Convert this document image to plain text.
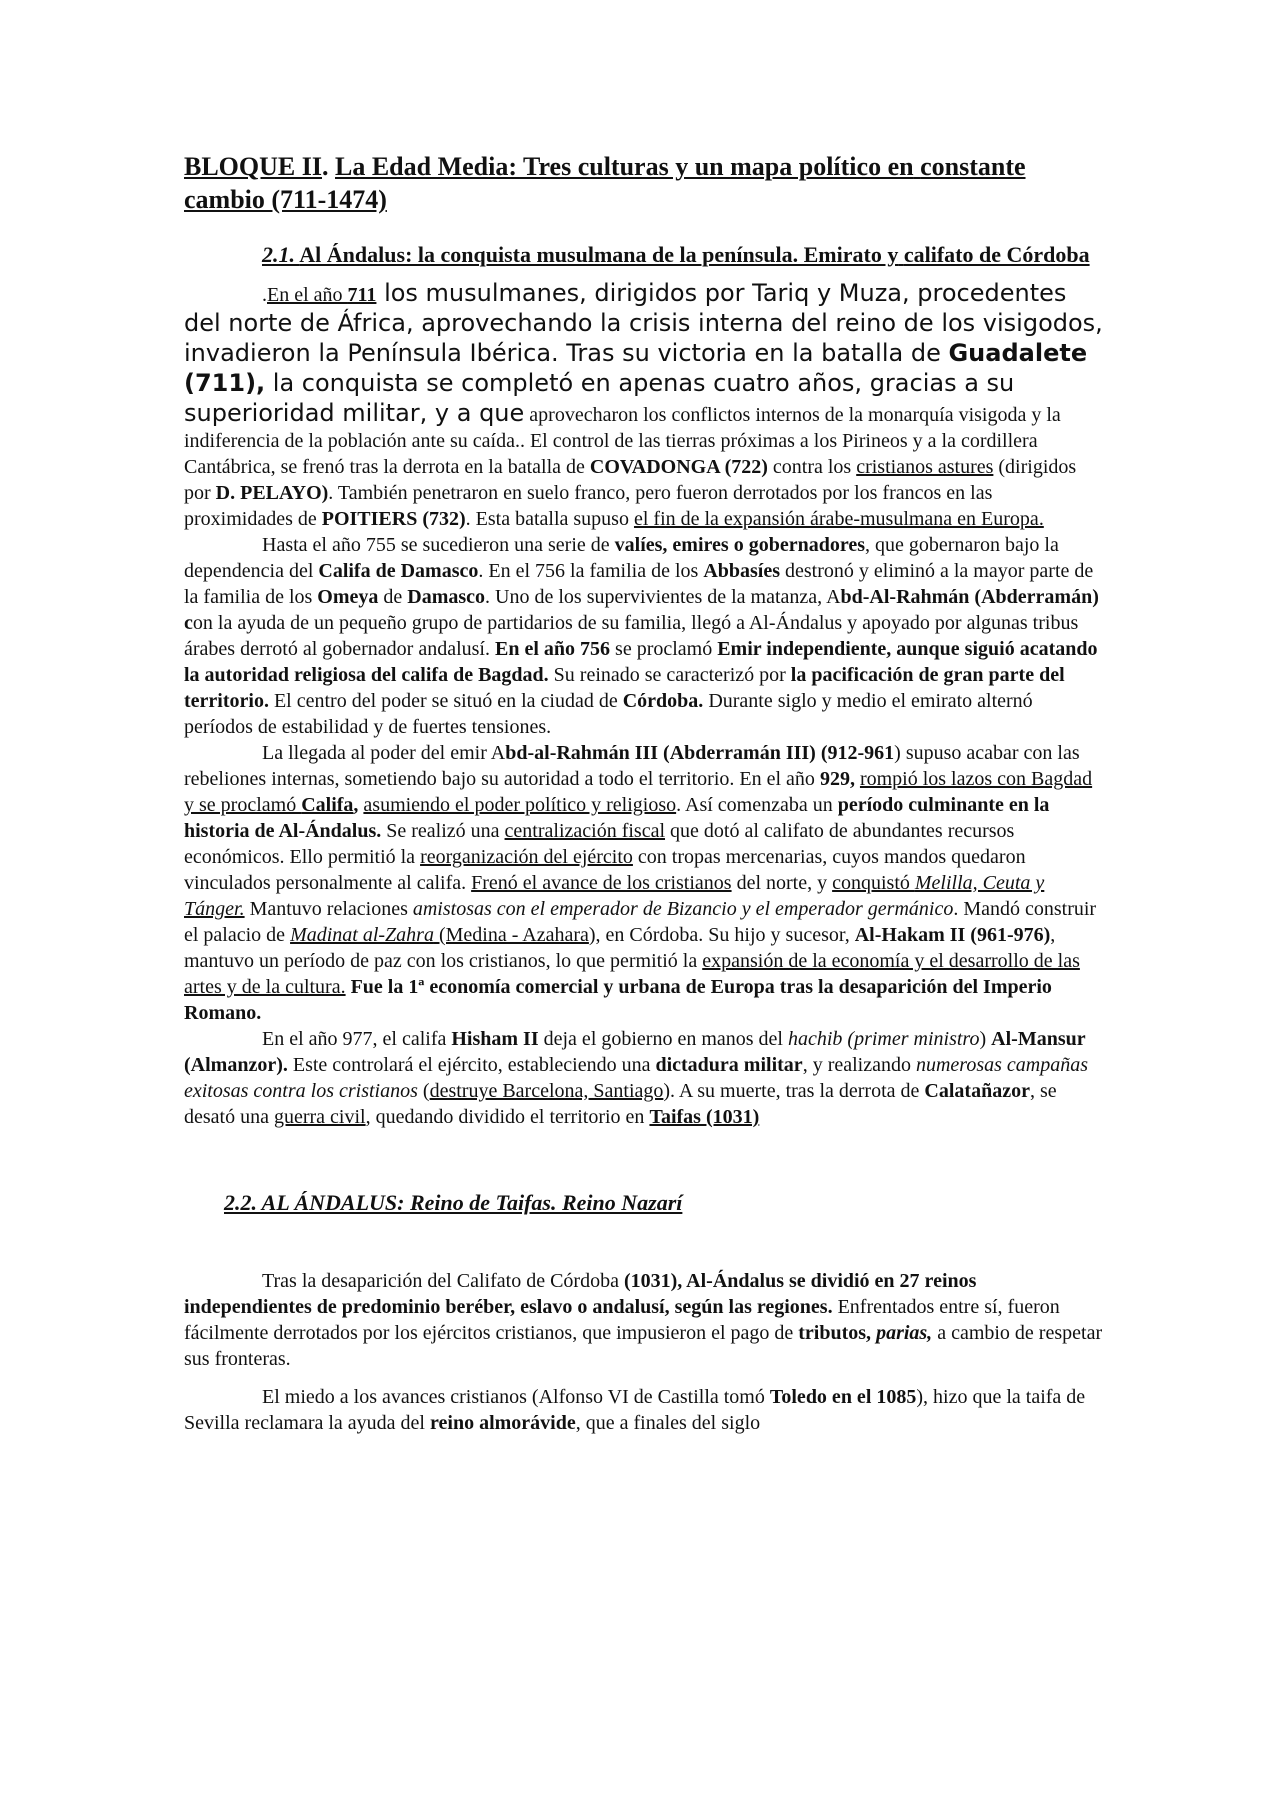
BLOQUE II. La Edad Media: Tres culturas y un mapa político en constante cambio (711-1474)
2.1. Al Ándalus: la conquista musulmana de la península. Emirato y califato de Córdoba

.En el año 711 los musulmanes, dirigidos por Tariq y Muza, procedentes del norte de África, aprovechando la crisis interna del reino de los visigodos, invadieron la Península Ibérica. Tras su victoria en la batalla de Guadalete (711), la conquista se completó en apenas cuatro años, gracias a su superioridad militar, y a que aprovecharon los conflictos internos de la monarquía visigoda y la indiferencia de la población ante su caída.. El control de las tierras próximas a los Pirineos y a la cordillera Cantábrica, se frenó tras la derrota en la batalla de COVADONGA (722) contra los cristianos astures (dirigidos por D. PELAYO). También penetraron en suelo franco, pero fueron derrotados por los francos en las proximidades de POITIERS (732). Esta batalla supuso el fin de la expansión árabe-musulmana en Europa.

Hasta el año 755 se sucedieron una serie de valíes, emires o gobernadores, que gobernaron bajo la dependencia del Califa de Damasco. En el 756 la familia de los Abbasíes destronó y eliminó a la mayor parte de la familia de los Omeya de Damasco. Uno de los supervivientes de la matanza, Abd-Al-Rahmán (Abderramán) con la ayuda de un pequeño grupo de partidarios de su familia, llegó a Al-Ándalus y apoyado por algunas tribus árabes derrotó al gobernador andalusí. En el año 756 se proclamó Emir independiente, aunque siguió acatando la autoridad religiosa del califa de Bagdad. Su reinado se caracterizó por la pacificación de gran parte del territorio. El centro del poder se situó en la ciudad de Córdoba. Durante siglo y medio el emirato alternó períodos de estabilidad y de fuertes tensiones.

La llegada al poder del emir Abd-al-Rahmán III (Abderramán III) (912-961) supuso acabar con las rebeliones internas, sometiendo bajo su autoridad a todo el territorio. En el año 929, rompió los lazos con Bagdad y se proclamó Califa, asumiendo el poder político y religioso. Así comenzaba un período culminante en la historia de Al-Ándalus. Se realizó una centralización fiscal que dotó al califato de abundantes recursos económicos. Ello permitió la reorganización del ejército con tropas mercenarias, cuyos mandos quedaron vinculados personalmente al califa. Frenó el avance de los cristianos del norte, y conquistó Melilla, Ceuta y Tánger. Mantuvo relaciones amistosas con el emperador de Bizancio y el emperador germánico. Mandó construir el palacio de Madinat al-Zahra (Medina - Azahara), en Córdoba. Su hijo y sucesor, Al-Hakam II (961-976), mantuvo un período de paz con los cristianos, lo que permitió la expansión de la economía y el desarrollo de las artes y de la cultura. Fue la 1ª economía comercial y urbana de Europa tras la desaparición del Imperio Romano.

En el año 977, el califa Hisham II deja el gobierno en manos del hachib (primer ministro) Al-Mansur (Almanzor). Este controlará el ejército, estableciendo una dictadura militar, y realizando numerosas campañas exitosas contra los cristianos (destruye Barcelona, Santiago). A su muerte, tras la derrota de Calatañazor, se desató una guerra civil, quedando dividido el territorio en Taifas (1031)

2.2. AL ÁNDALUS: Reino de Taifas. Reino Nazarí

Tras la desaparición del Califato de Córdoba (1031), Al-Ándalus se dividió en 27 reinos independientes de predominio beréber, eslavo o andalusí, según las regiones. Enfrentados entre sí, fueron fácilmente derrotados por los ejércitos cristianos, que impusieron el pago de tributos, parias, a cambio de respetar sus fronteras.

El miedo a los avances cristianos (Alfonso VI de Castilla tomó Toledo en el 1085), hizo que la taifa de Sevilla reclamara la ayuda del reino almorávide, que a finales del siglo
